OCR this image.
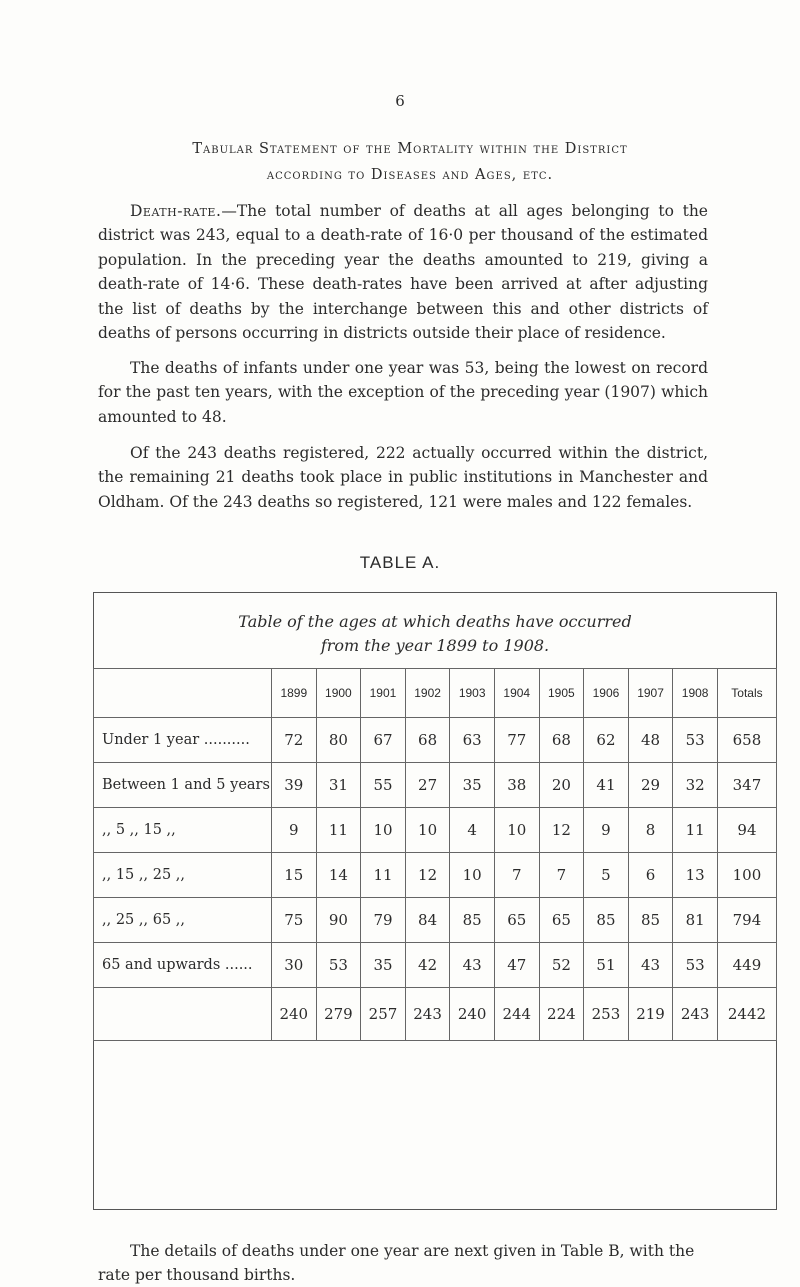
6
Tabular Statement of the Mortality within the District
according to Diseases and Ages, etc.

Death-rate.—The total number of deaths at all ages belonging to the district was 243, equal to a death-rate of 16·0 per thousand of the estimated population. In the preceding year the deaths amounted to 219, giving a death-rate of 14·6. These death-rates have been arrived at after adjusting the list of deaths by the interchange between this and other districts of deaths of persons occurring in districts outside their place of residence.

The deaths of infants under one year was 53, being the lowest on record for the past ten years, with the exception of the preceding year (1907) which amounted to 48.

Of the 243 deaths registered, 222 actually occurred within the district, the remaining 21 deaths took place in public institutions in Manchester and Oldham. Of the 243 deaths so registered, 121 were males and 122 females.

TABLE A.
Table of the ages at which deaths have occurred
from the year 1899 to 1908.
	1899	1900	1901	1902	1903	1904	1905	1906	1907	1908	Totals
Under 1 year ..........	72	80	67	68	63	77	68	62	48	53	658
Between 1 and 5 years	39	31	55	27	35	38	20	41	29	32	347
,, 5 ,, 15 ,,	9	11	10	10	4	10	12	9	8	11	94
,, 15 ,, 25 ,,	15	14	11	12	10	7	7	5	6	13	100
,, 25 ,, 65 ,,	75	90	79	84	85	65	65	85	85	81	794
65 and upwards ......	30	53	35	42	43	47	52	51	43	53	449
	240	279	257	243	240	244	224	253	219	243	2442

The details of deaths under one year are next given in Table B, with the rate per thousand births.
